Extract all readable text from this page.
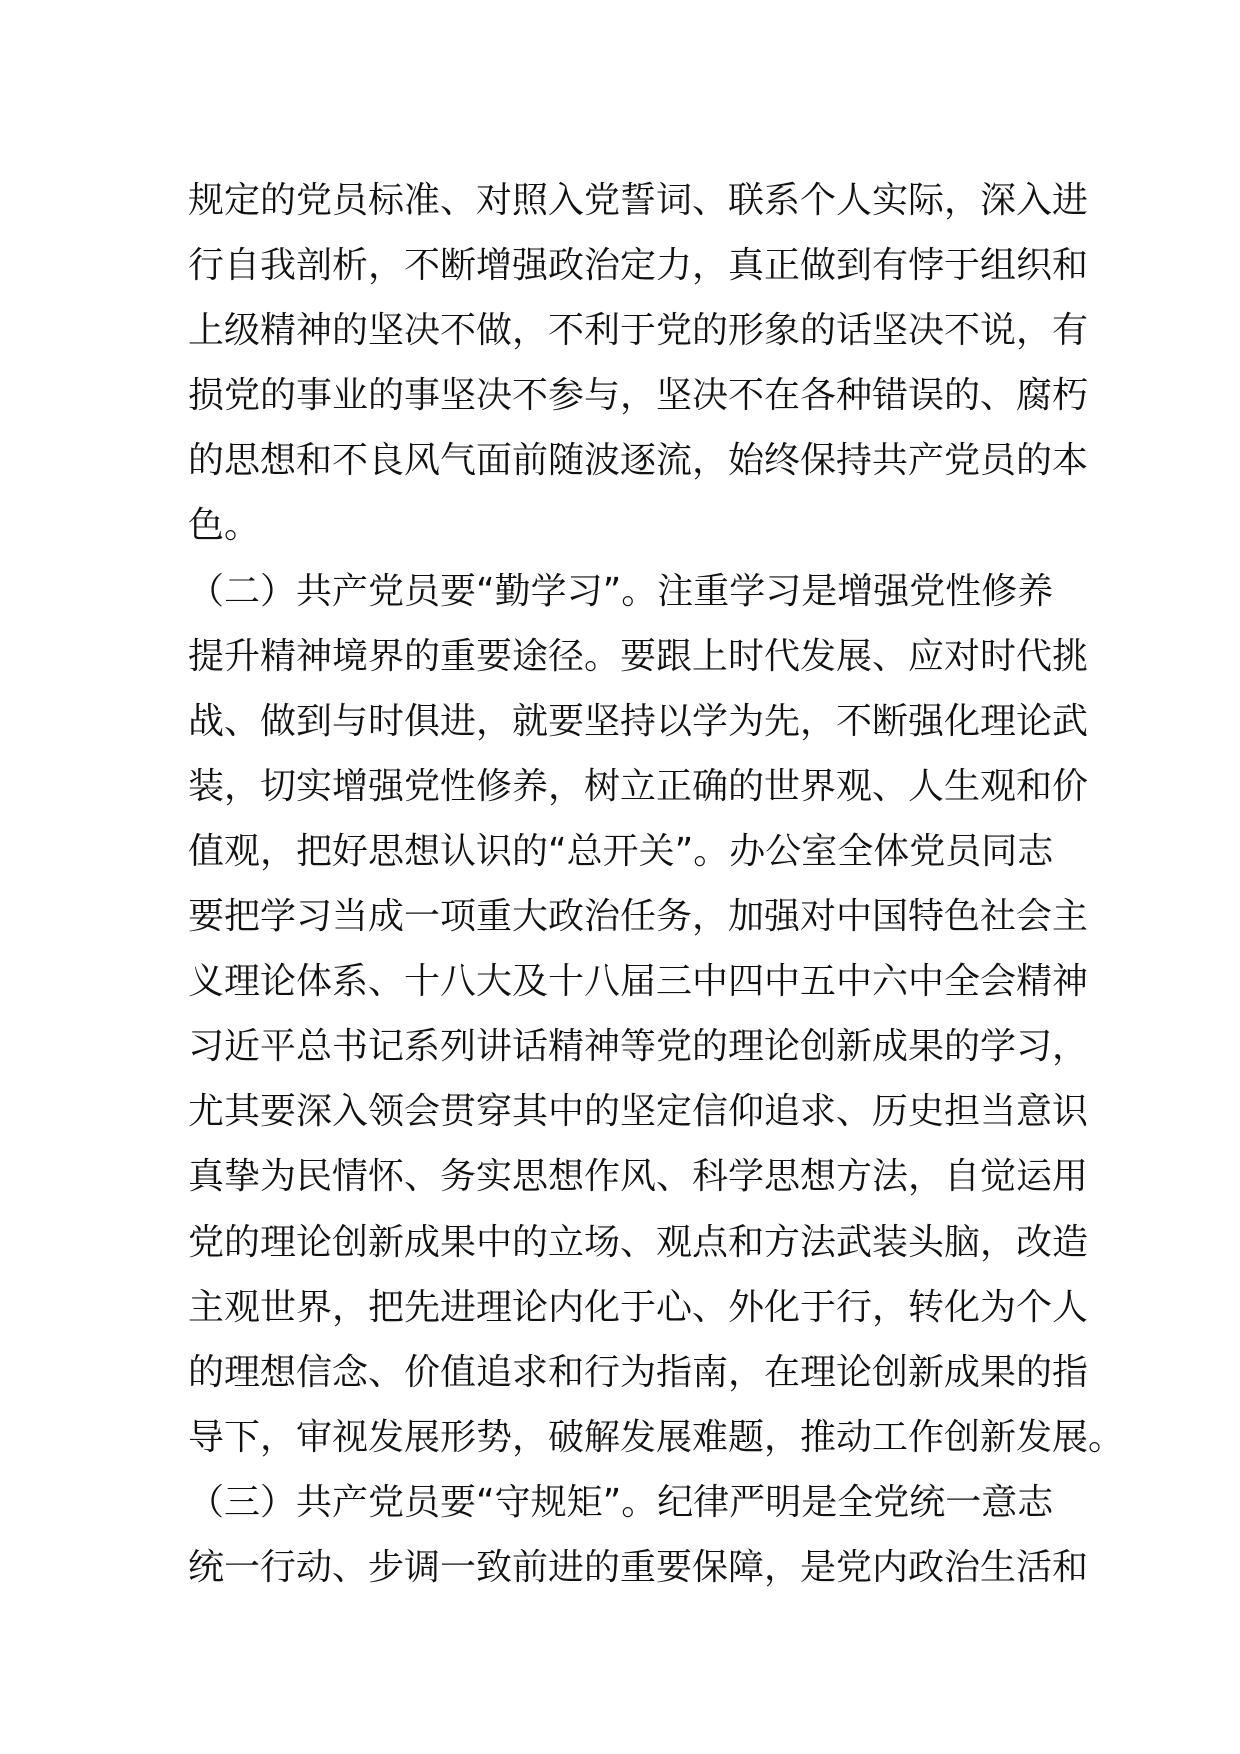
规定的党员标准、对照入党誓词、联系个人实际，深入进
行自我剖析，不断增强政治定力，真正做到有悖于组织和
上级精神的坚决不做，不利于党的形象的话坚决不说，有
损党的事业的事坚决不参与，坚决不在各种错误的、腐朽
的思想和不良风气面前随波逐流，始终保持共产党员的本
色。
（二）共产党员要“勤学习”。注重学习是增强党性修养
提升精神境界的重要途径。要跟上时代发展、应对时代挑
战、做到与时俱进，就要坚持以学为先，不断强化理论武
装，切实增强党性修养，树立正确的世界观、人生观和价
值观，把好思想认识的“总开关”。办公室全体党员同志
要把学习当成一项重大政治任务，加强对中国特色社会主
义理论体系、十八大及十八届三中四中五中六中全会精神
习近平总书记系列讲话精神等党的理论创新成果的学习，
尤其要深入领会贯穿其中的坚定信仰追求、历史担当意识
真挚为民情怀、务实思想作风、科学思想方法，自觉运用
党的理论创新成果中的立场、观点和方法武装头脑，改造
主观世界，把先进理论内化于心、外化于行，转化为个人
的理想信念、价值追求和行为指南，在理论创新成果的指
导下，审视发展形势，破解发展难题，推动工作创新发展。
（三）共产党员要“守规矩”。纪律严明是全党统一意志
统一行动、步调一致前进的重要保障，是党内政治生活和
